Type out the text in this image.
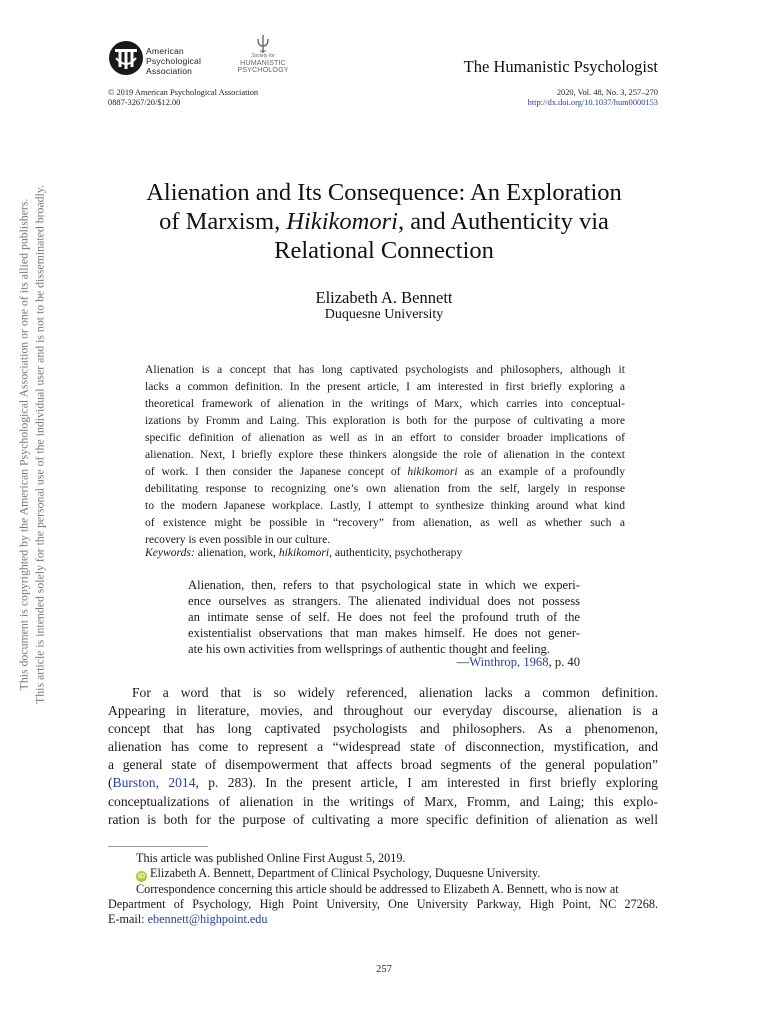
American
Psychological
Association
Society for
HUMANISTIC
PSYCHOLOGY	The Humanistic Psychologist
© 2019 American Psychological Association
0887-3267/20/$12.00
2020, Vol. 48, No. 3, 257–270
http://dx.doi.org/10.1037/hum0000153
This document is copyrighted by the American Psychological Association or one of its allied publishers. This article is intended solely for the personal use of the individual user and is not to be disseminated broadly.	Alienation and Its Consequence: An Exploration
of Marxism, Hikikomori, and Authenticity via
Relational Connection
Elizabeth A. Bennett
Duquesne University
Alienation is a concept that has long captivated psychologists and philosophers, although it
lacks a common definition. In the present article, I am interested in first briefly exploring a
theoretical framework of alienation in the writings of Marx, which carries into conceptual-
izations by Fromm and Laing. This exploration is both for the purpose of cultivating a more
specific definition of alienation as well as in an effort to consider broader implications of
alienation. Next, I briefly explore these thinkers alongside the role of alienation in the context
of work. I then consider the Japanese concept of hikikomori as an example of a profoundly
debilitating response to recognizing one’s own alienation from the self, largely in response
to the modern Japanese workplace. Lastly, I attempt to synthesize thinking around what kind
of existence might be possible in “recovery” from alienation, as well as whether such a
recovery is even possible in our culture.
Keywords: alienation, work, hikikomori, authenticity, psychotherapy
Alienation, then, refers to that psychological state in which we experi-
ence ourselves as strangers. The alienated individual does not possess
an intimate sense of self. He does not feel the profound truth of the
existentialist observations that man makes himself. He does not gener-
ate his own activities from wellsprings of authentic thought and feeling.
—Winthrop, 1968, p. 40
For a word that is so widely referenced, alienation lacks a common definition.
Appearing in literature, movies, and throughout our everyday discourse, alienation is a
concept that has long captivated psychologists and philosophers. As a phenomenon,
alienation has come to represent a “widespread state of disconnection, mystification, and
a general state of disempowerment that affects broad segments of the general population”
(Burston, 2014, p. 283). In the present article, I am interested in first briefly exploring
conceptualizations of alienation in the writings of Marx, Fromm, and Laing; this explo-
ration is both for the purpose of cultivating a more specific definition of alienation as well
This article was published Online First August 5, 2019.
iD Elizabeth A. Bennett, Department of Clinical Psychology, Duquesne University.
Correspondence concerning this article should be addressed to Elizabeth A. Bennett, who is now at
Department of Psychology, High Point University, One University Parkway, High Point, NC 27268.
E-mail: ebennett@highpoint.edu
257
